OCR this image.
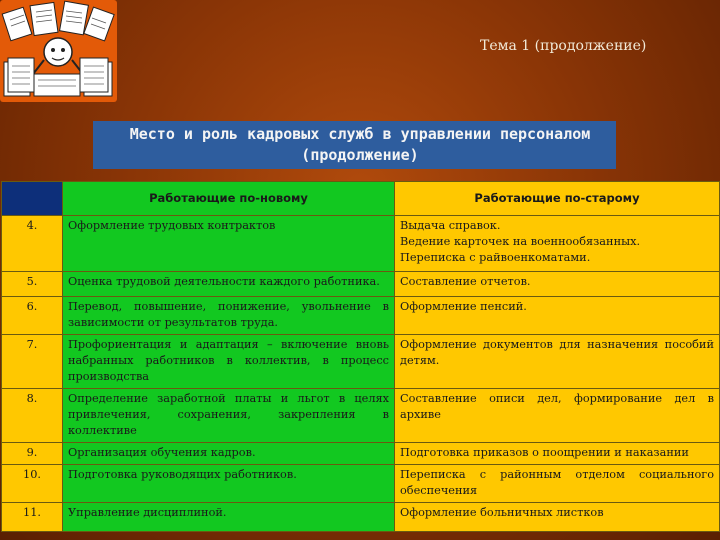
Тема 1 (продолжение)
Место и роль кадровых служб в управлении персоналом
(продолжение)
	Работающие по-новому	Работающие по-старому
4.	Оформление трудовых контрактов	Выдача справок.
Ведение карточек на военнообязанных.
Переписка с райвоенкоматами.

5.	Оценка трудовой деятельности каждого работника.	Составление отчетов.

6.	Перевод, повышение, понижение, увольнение в зависимости от результатов труда.	Оформление пенсий.

7.	Профориентация и адаптация – включение вновь набранных работников в коллектив, в процесс производства	Оформление документов для назначения пособий детям.

8.	Определение заработной платы и льгот в целях привлечения, сохранения, закрепления в коллективе	Составление описи дел, формирование дел в архиве

9.	Организация обучения кадров.	Подготовка приказов о поощрении и наказании

10.	Подготовка руководящих работников.	Переписка с районным отделом социального обеспечения

11.	Управление дисциплиной.	Оформление больничных листков
